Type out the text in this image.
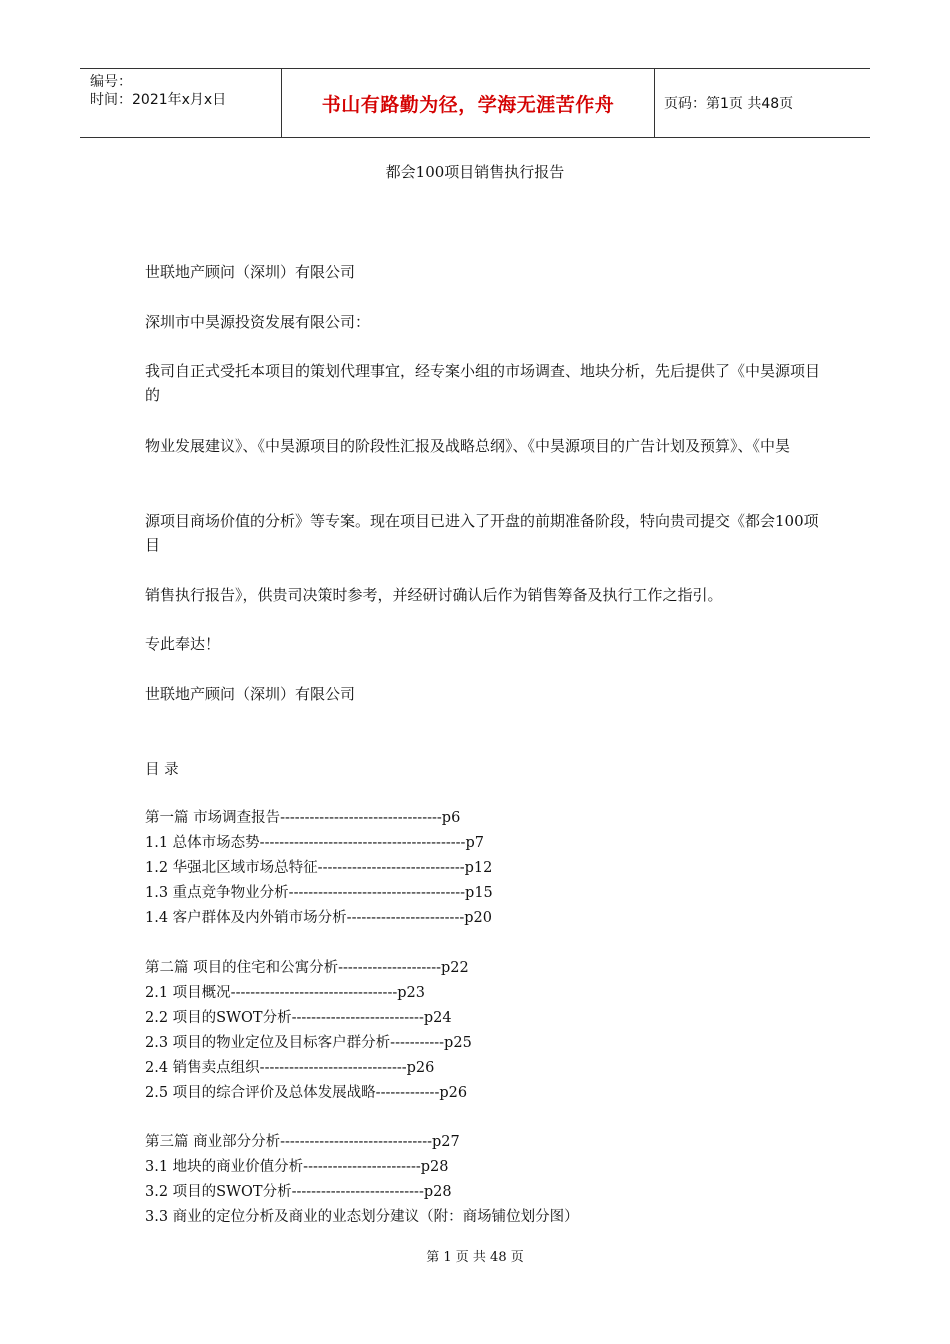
编号：
时间：2021年x月x日	书山有路勤为径，学海无涯苦作舟	页码：第1页 共48页
都会100项目销售执行报告

世联地产顾问（深圳）有限公司

深圳市中昊源投资发展有限公司：

我司自正式受托本项目的策划代理事宜，经专案小组的市场调查、地块分析，先后提供了《中昊源项目的

物业发展建议》、《中昊源项目的阶段性汇报及战略总纲》、《中昊源项目的广告计划及预算》、《中昊

源项目商场价值的分析》等专案。现在项目已进入了开盘的前期准备阶段，特向贵司提交《都会100项目

销售执行报告》，供贵司决策时参考，并经研讨确认后作为销售筹备及执行工作之指引。

专此奉达！

世联地产顾问（深圳）有限公司

目 录
第一篇 市场调查报告---------------------------------p6
1.1 总体市场态势------------------------------------------p7
1.2 华强北区域市场总特征------------------------------p12
1.3 重点竞争物业分析------------------------------------p15
1.4 客户群体及内外销市场分析------------------------p20
第二篇 项目的住宅和公寓分析---------------------p22
2.1 项目概况----------------------------------p23
2.2 项目的SWOT分析---------------------------p24
2.3 项目的物业定位及目标客户群分析-----------p25
2.4 销售卖点组织------------------------------p26
2.5 项目的综合评价及总体发展战略-------------p26
第三篇 商业部分分析-------------------------------p27
3.1 地块的商业价值分析------------------------p28
3.2 项目的SWOT分析---------------------------p28
3.3 商业的定位分析及商业的业态划分建议（附：商场铺位划分图）
第 1 页 共 48 页
